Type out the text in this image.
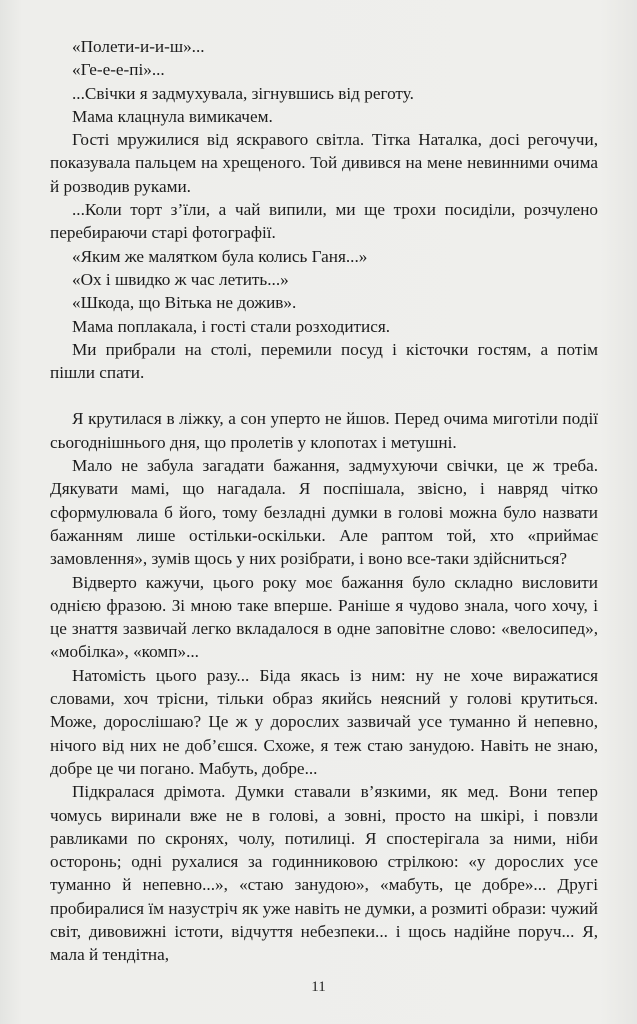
«Полети-и-и-ш»...

«Ге-е-е-пі»...

...Свічки я задмухувала, зігнувшись від реготу.

Мама клацнула вимикачем.

Гості мружилися від яскравого світла. Тітка Наталка, досі регочучи, показувала пальцем на хрещеного. Той дивився на мене невинними очима й розводив руками.

...Коли торт з’їли, а чай випили, ми ще трохи посиділи, розчулено перебираючи старі фотографії.

«Яким же малятком була колись Ганя...»

«Ох і швидко ж час летить...»

«Шкода, що Вітька не дожив».

Мама поплакала, і гості стали розходитися.

Ми прибрали на столі, перемили посуд і кісточки гостям, а потім пішли спати.

Я крутилася в ліжку, а сон уперто не йшов. Перед очима миготіли події сьогоднішнього дня, що пролетів у клопотах і метушні.

Мало не забула загадати бажання, задмухуючи свічки, це ж треба. Дякувати мамі, що нагадала. Я поспішала, звісно, і навряд чітко сформулювала б його, тому безладні думки в голові можна було назвати бажанням лише остільки-оскільки. Але раптом той, хто «приймає замовлення», зумів щось у них розібрати, і воно все-таки здійсниться?

Відверто кажучи, цього року моє бажання було складно висловити однією фразою. Зі мною таке вперше. Раніше я чудово знала, чого хочу, і це знаття зазвичай легко вкладалося в одне заповітне слово: «велосипед», «мобілка», «комп»...

Натомість цього разу... Біда якась із ним: ну не хоче виражатися словами, хоч трісни, тільки образ якийсь неясний у голові крутиться. Може, дорослішаю? Це ж у дорослих зазвичай усе туманно й непевно, нічого від них не доб’єшся. Схоже, я теж стаю занудою. Навіть не знаю, добре це чи погано. Мабуть, добре...

Підкралася дрімота. Думки ставали в’язкими, як мед. Вони тепер чомусь виринали вже не в голові, а зовні, просто на шкірі, і повзли равликами по скронях, чолу, потилиці. Я спостерігала за ними, ніби осторонь; одні рухалися за годинниковою стрілкою: «у дорослих усе туманно й непевно...», «стаю занудою», «мабуть, це добре»... Другі пробиралися їм назустріч як уже навіть не думки, а розмиті образи: чужий світ, дивовижні істоти, відчуття небезпеки... і щось надійне поруч... Я, мала й тендітна,

11
